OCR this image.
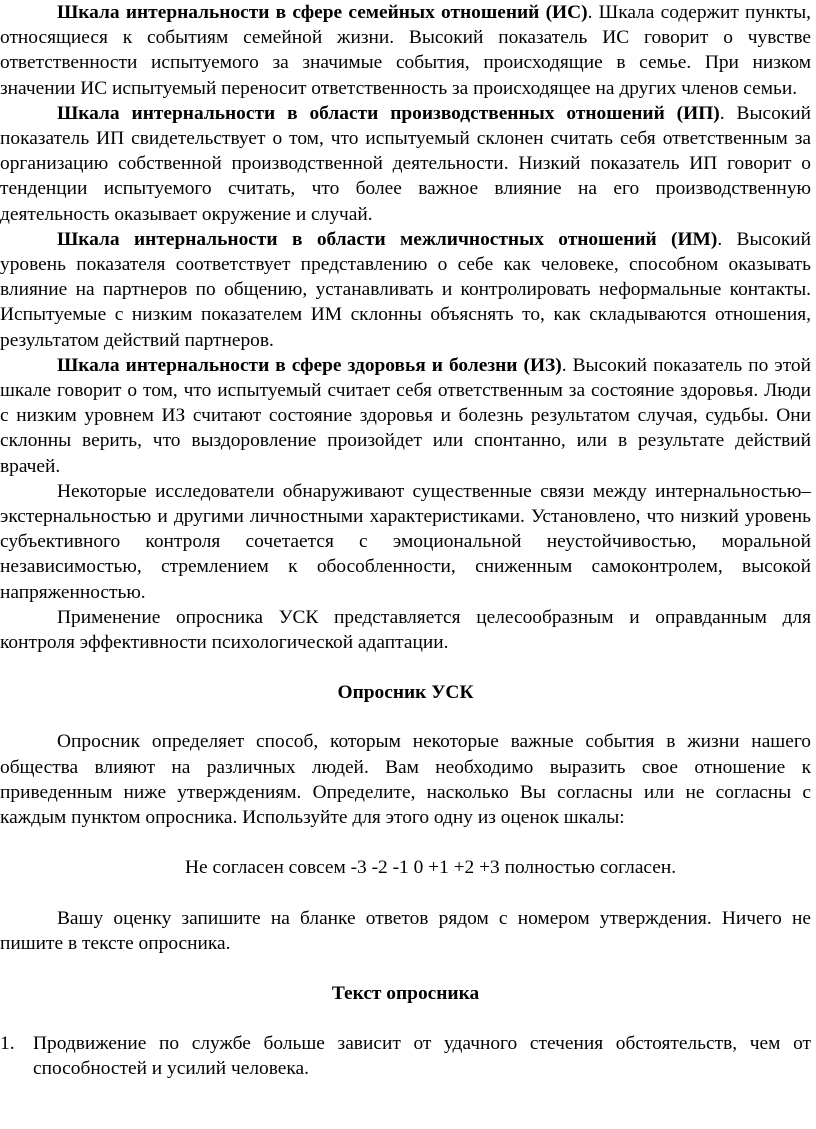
Шкала интернальности в сфере семейных отношений (ИС). Шкала содержит пункты, относящиеся к событиям семейной жизни. Высокий показатель ИС говорит о чувстве ответственности испытуемого за значимые события, происходящие в семье. При низком значении ИС испытуемый переносит ответственность за происходящее на других членов семьи.

Шкала интернальности в области производственных отношений (ИП). Высокий показатель ИП свидетельствует о том, что испытуемый склонен считать себя ответственным за организацию собственной производственной деятельности. Низкий показатель ИП говорит о тенденции испытуемого считать, что более важное влияние на его производственную деятельность оказывает окружение и случай.

Шкала интернальности в области межличностных отношений (ИМ). Высокий уровень показателя соответствует представлению о себе как человеке, способном оказывать влияние на партнеров по общению, устанавливать и контролировать неформальные контакты. Испытуемые с низким показателем ИМ склонны объяснять то, как складываются отношения, результатом действий партнеров.

Шкала интернальности в сфере здоровья и болезни (ИЗ). Высокий показатель по этой шкале говорит о том, что испытуемый считает себя ответственным за состояние здоровья. Люди с низким уровнем ИЗ считают состояние здоровья и болезнь результатом случая, судьбы. Они склонны верить, что выздоровление произойдет или спонтанно, или в результате действий врачей.

Некоторые исследователи обнаруживают существенные связи между интернальностью–экстернальностью и другими личностными характеристиками. Установлено, что низкий уровень субъективного контроля сочетается с эмоциональной неустойчивостью, моральной независимостью, стремлением к обособленности, сниженным самоконтролем, высокой напряженностью.

Применение опросника УСК представляется целесообразным и оправданным для контроля эффективности психологической адаптации.

Опросник УСК

Опросник определяет способ, которым некоторые важные события в жизни нашего общества влияют на различных людей. Вам необходимо выразить свое отношение к приведенным ниже утверждениям. Определите, насколько Вы согласны или не согласны с каждым пунктом опросника. Используйте для этого одну из оценок шкалы:

Не согласен совсем -3 -2 -1 0 +1 +2 +3 полностью согласен.

Вашу оценку запишите на бланке ответов рядом с номером утверждения. Ничего не пишите в тексте опросника.

Текст опросника

1. Продвижение по службе больше зависит от удачного стечения обстоятельств, чем от способностей и усилий человека.
